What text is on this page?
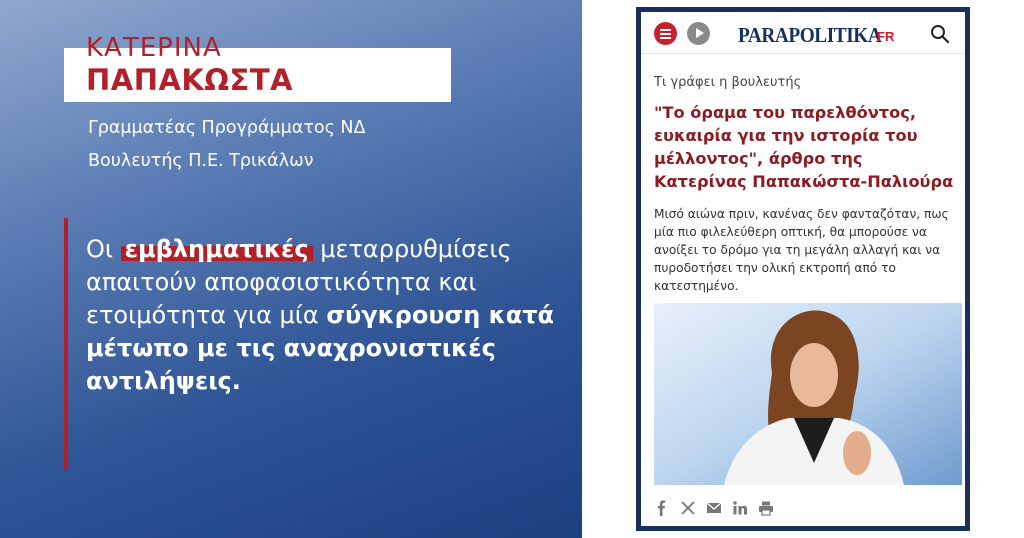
ΚΑΤΕΡΙΝΑ
ΠΑΠΑΚΩΣΤΑ
Γραμματέας Προγράμματος ΝΔ
Βουλευτής Π.Ε. Τρικάλων
Οι εμβληματικές μεταρρυθμίσεις απαιτούν αποφασιστικότητα και ετοιμότητα για μία σύγκρουση κατά μέτωπο με τις αναχρονιστικές αντιλήψεις.
PARAPOLITIKA
FR
Τι γράφει η βουλευτής
"Το όραμα του παρελθόντος, ευκαιρία για την ιστορία του μέλλοντος", άρθρο της Κατερίνας Παπακώστα-Παλιούρα
Μισό αιώνα πριν, κανένας δεν φανταζόταν, πως μία πιο φιλελεύθερη οπτική, θα μπορούσε να ανοίξει το δρόμο για τη μεγάλη αλλαγή και να πυροδοτήσει την ολική εκτροπή από το κατεστημένο.
